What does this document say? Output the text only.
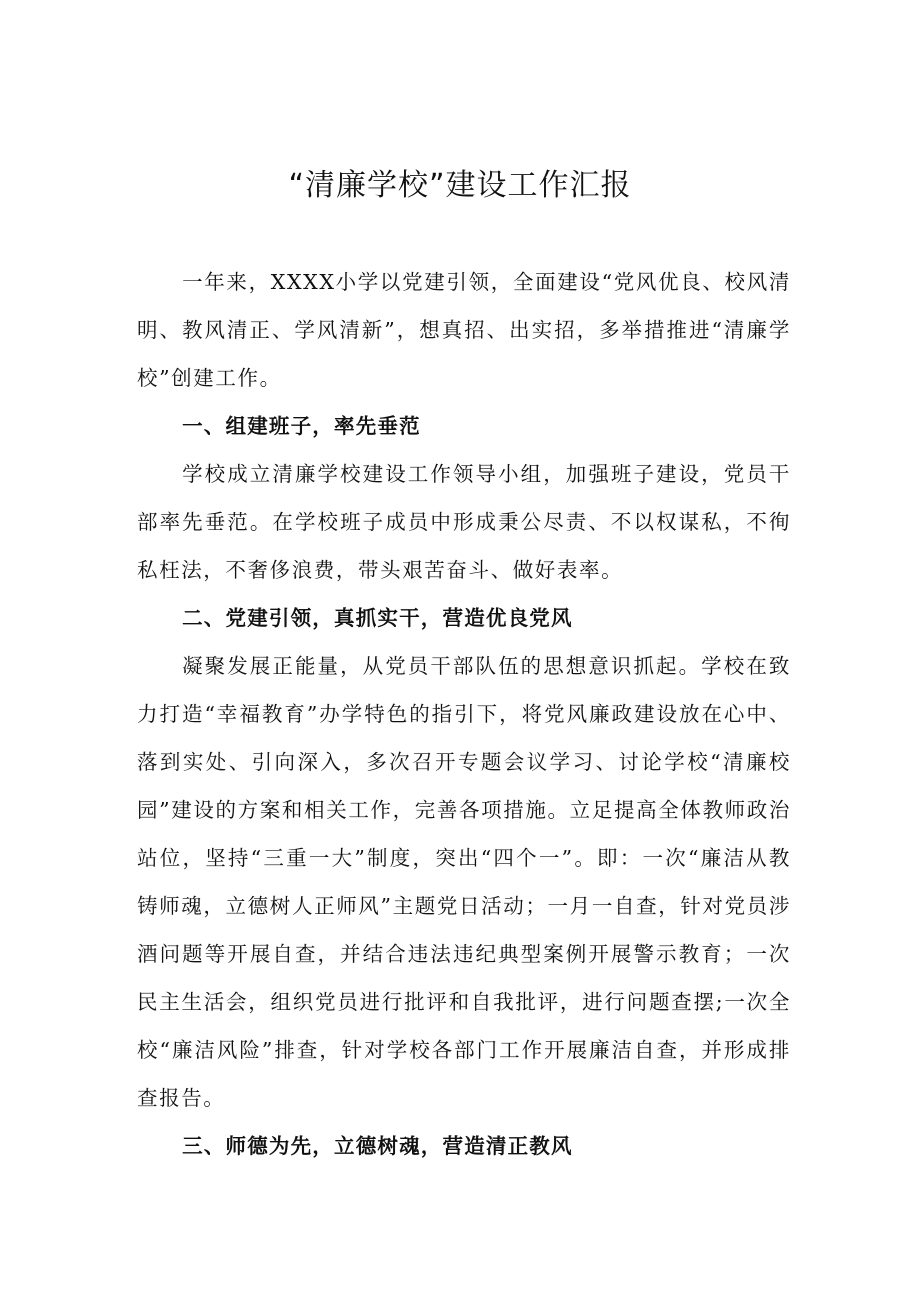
“清廉学校”建设工作汇报

一年来，XXXX小学以党建引领，全面建设“党风优良、校风清明、教风清正、学风清新”，想真招、出实招，多举措推进“清廉学校”创建工作。

一、组建班子，率先垂范

学校成立清廉学校建设工作领导小组，加强班子建设，党员干部率先垂范。在学校班子成员中形成秉公尽责、不以权谋私，不徇私枉法，不奢侈浪费，带头艰苦奋斗、做好表率。

二、党建引领，真抓实干，营造优良党风

凝聚发展正能量，从党员干部队伍的思想意识抓起。学校在致力打造“幸福教育”办学特色的指引下，将党风廉政建设放在心中、落到实处、引向深入，多次召开专题会议学习、讨论学校“清廉校园”建设的方案和相关工作，完善各项措施。立足提高全体教师政治站位，坚持“三重一大”制度，突出“四个一”。即：一次“廉洁从教铸师魂，立德树人正师风”主题党日活动；一月一自查，针对党员涉酒问题等开展自查，并结合违法违纪典型案例开展警示教育；一次民主生活会，组织党员进行批评和自我批评，进行问题查摆;一次全校“廉洁风险”排查，针对学校各部门工作开展廉洁自查，并形成排查报告。

三、师德为先，立德树魂，营造清正教风
